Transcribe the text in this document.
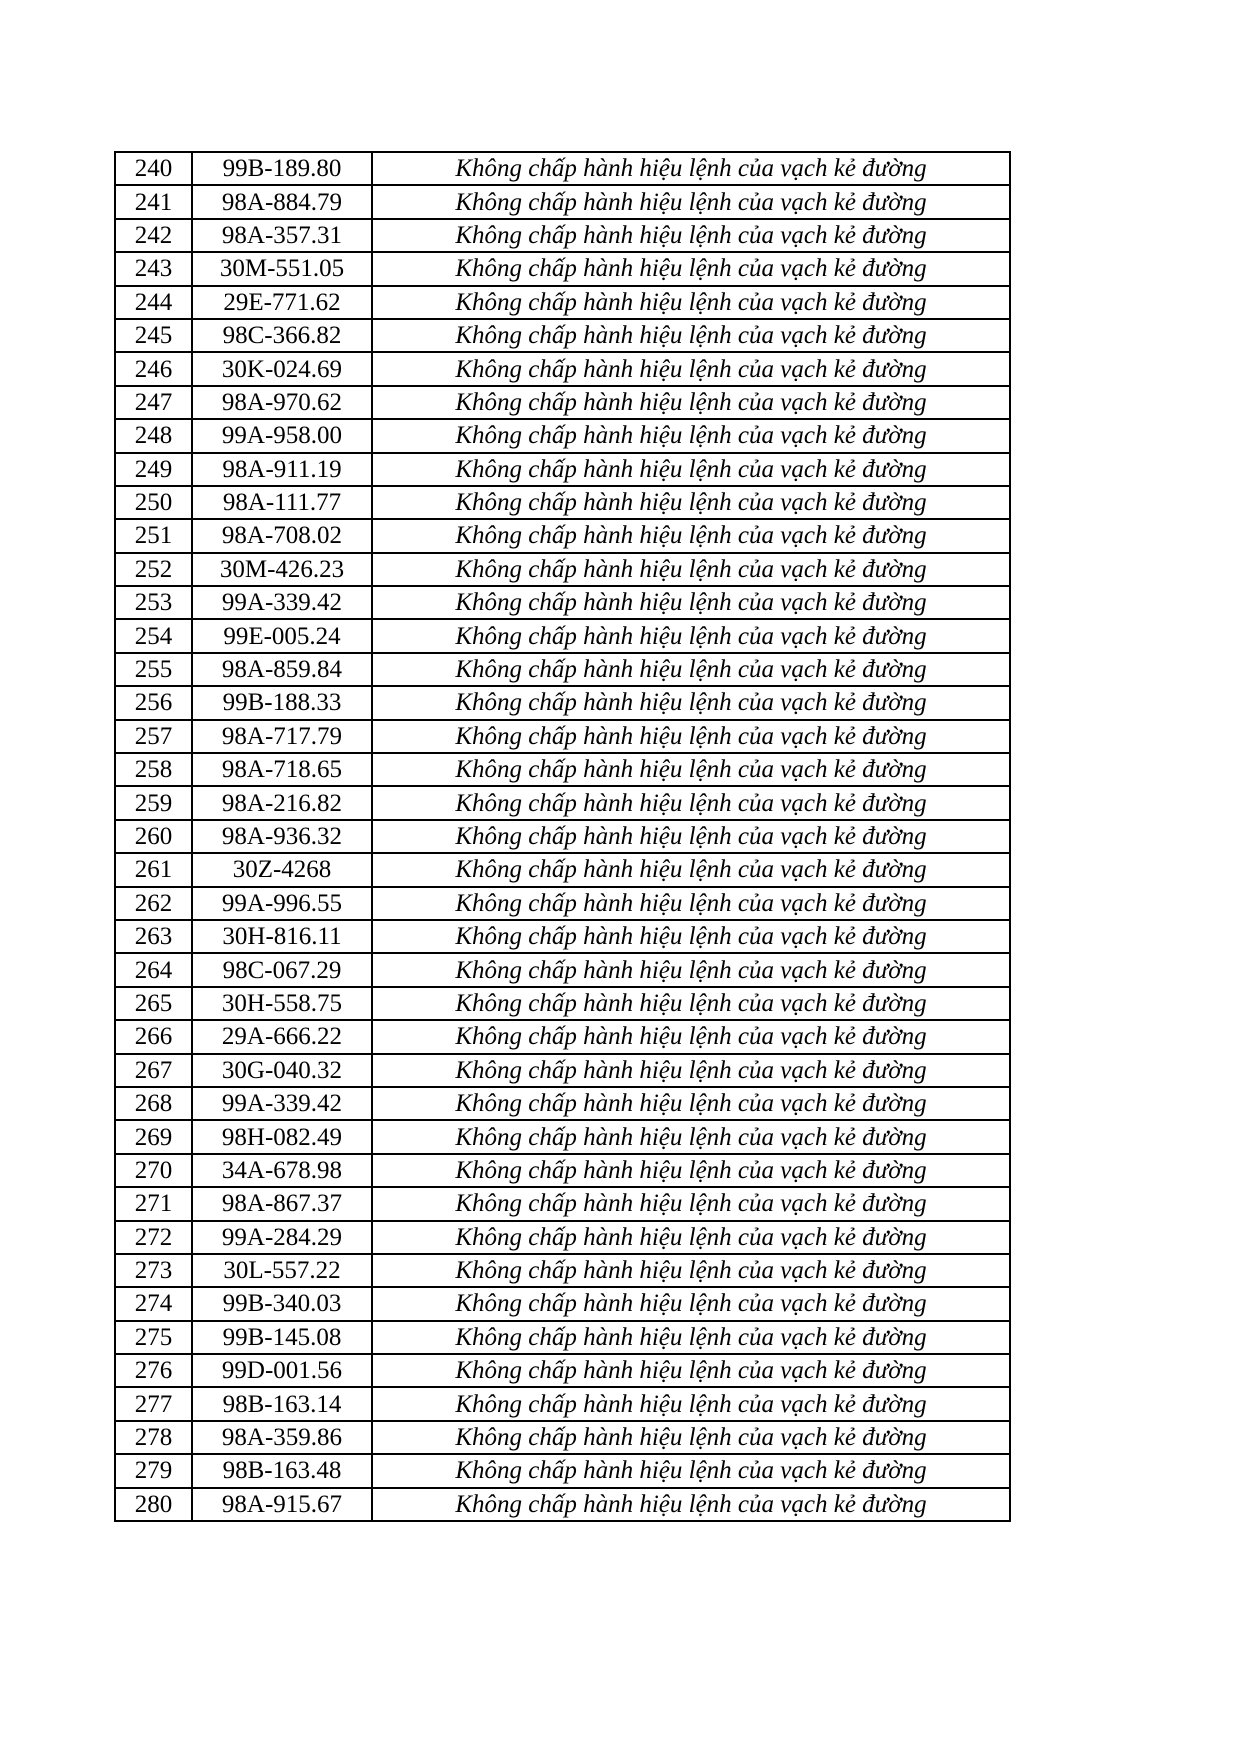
240	99B-189.80	Không chấp hành hiệu lệnh của vạch kẻ đường
241	98A-884.79	Không chấp hành hiệu lệnh của vạch kẻ đường
242	98A-357.31	Không chấp hành hiệu lệnh của vạch kẻ đường
243	30M-551.05	Không chấp hành hiệu lệnh của vạch kẻ đường
244	29E-771.62	Không chấp hành hiệu lệnh của vạch kẻ đường
245	98C-366.82	Không chấp hành hiệu lệnh của vạch kẻ đường
246	30K-024.69	Không chấp hành hiệu lệnh của vạch kẻ đường
247	98A-970.62	Không chấp hành hiệu lệnh của vạch kẻ đường
248	99A-958.00	Không chấp hành hiệu lệnh của vạch kẻ đường
249	98A-911.19	Không chấp hành hiệu lệnh của vạch kẻ đường
250	98A-111.77	Không chấp hành hiệu lệnh của vạch kẻ đường
251	98A-708.02	Không chấp hành hiệu lệnh của vạch kẻ đường
252	30M-426.23	Không chấp hành hiệu lệnh của vạch kẻ đường
253	99A-339.42	Không chấp hành hiệu lệnh của vạch kẻ đường
254	99E-005.24	Không chấp hành hiệu lệnh của vạch kẻ đường
255	98A-859.84	Không chấp hành hiệu lệnh của vạch kẻ đường
256	99B-188.33	Không chấp hành hiệu lệnh của vạch kẻ đường
257	98A-717.79	Không chấp hành hiệu lệnh của vạch kẻ đường
258	98A-718.65	Không chấp hành hiệu lệnh của vạch kẻ đường
259	98A-216.82	Không chấp hành hiệu lệnh của vạch kẻ đường
260	98A-936.32	Không chấp hành hiệu lệnh của vạch kẻ đường
261	30Z-4268	Không chấp hành hiệu lệnh của vạch kẻ đường
262	99A-996.55	Không chấp hành hiệu lệnh của vạch kẻ đường
263	30H-816.11	Không chấp hành hiệu lệnh của vạch kẻ đường
264	98C-067.29	Không chấp hành hiệu lệnh của vạch kẻ đường
265	30H-558.75	Không chấp hành hiệu lệnh của vạch kẻ đường
266	29A-666.22	Không chấp hành hiệu lệnh của vạch kẻ đường
267	30G-040.32	Không chấp hành hiệu lệnh của vạch kẻ đường
268	99A-339.42	Không chấp hành hiệu lệnh của vạch kẻ đường
269	98H-082.49	Không chấp hành hiệu lệnh của vạch kẻ đường
270	34A-678.98	Không chấp hành hiệu lệnh của vạch kẻ đường
271	98A-867.37	Không chấp hành hiệu lệnh của vạch kẻ đường
272	99A-284.29	Không chấp hành hiệu lệnh của vạch kẻ đường
273	30L-557.22	Không chấp hành hiệu lệnh của vạch kẻ đường
274	99B-340.03	Không chấp hành hiệu lệnh của vạch kẻ đường
275	99B-145.08	Không chấp hành hiệu lệnh của vạch kẻ đường
276	99D-001.56	Không chấp hành hiệu lệnh của vạch kẻ đường
277	98B-163.14	Không chấp hành hiệu lệnh của vạch kẻ đường
278	98A-359.86	Không chấp hành hiệu lệnh của vạch kẻ đường
279	98B-163.48	Không chấp hành hiệu lệnh của vạch kẻ đường
280	98A-915.67	Không chấp hành hiệu lệnh của vạch kẻ đường
